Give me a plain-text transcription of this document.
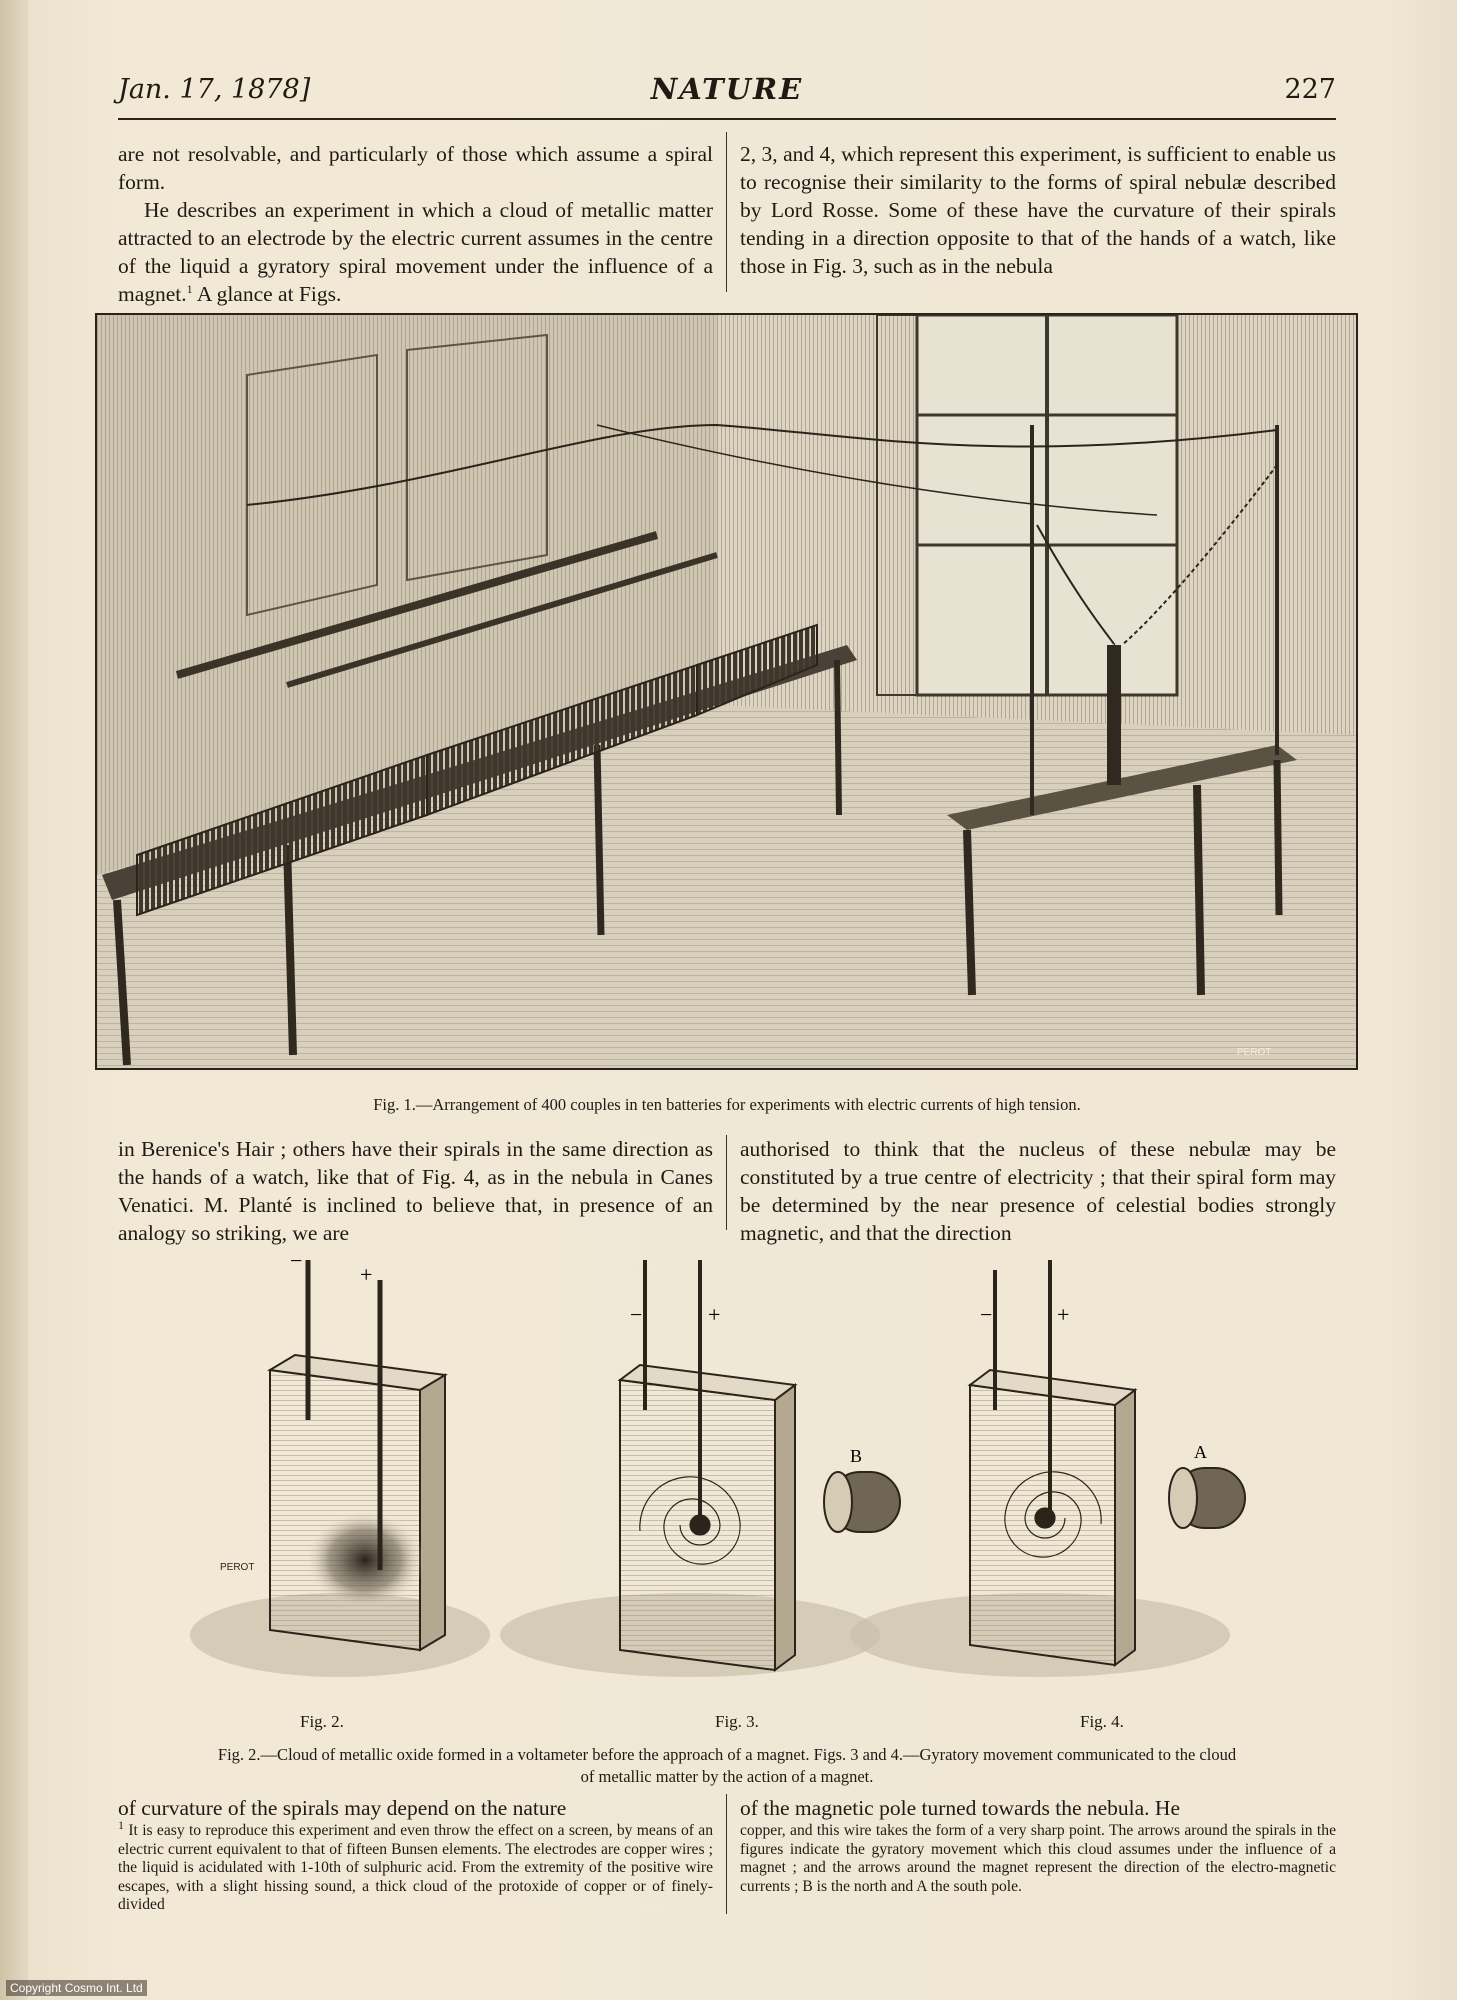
Jan. 17, 1878]	NATURE	227

are not resolvable, and particularly of those which assume a spiral form.

He describes an experiment in which a cloud of metallic matter attracted to an electrode by the electric current assumes in the centre of the liquid a gyratory spiral movement under the influence of a magnet.$^1$ A glance at Figs.

2, 3, and 4, which represent this experiment, is sufficient to enable us to recognise their similarity to the forms of spiral nebulæ described by Lord Rosse. Some of these have the curvature of their spirals tending in a direction opposite to that of the hands of a watch, like those in Fig. 3, such as in the nebula

PEROT
Fig. 1.—Arrangement of 400 couples in ten batteries for experiments with electric currents of high tension.

in Berenice's Hair ; others have their spirals in the same direction as the hands of a watch, like that of Fig. 4, as in the nebula in Canes Venatici. M. Planté is inclined to believe that, in presence of an analogy so striking, we are

authorised to think that the nucleus of these nebulæ may be constituted by a true centre of electricity ; that their spiral form may be determined by the near presence of celestial bodies strongly magnetic, and that the direction

−
+
PEROT
−	+
B
−	+
A
Fig. 2.	Fig. 3.	Fig. 4.
Fig. 2.—Cloud of metallic oxide formed in a voltameter before the approach of a magnet. Figs. 3 and 4.—Gyratory movement communicated to the cloud
of metallic matter by the action of a magnet.

of curvature of the spirals may depend on the nature

$^1$ It is easy to reproduce this experiment and even throw the effect on a screen, by means of an electric current equivalent to that of fifteen Bunsen elements. The electrodes are copper wires ; the liquid is acidulated with 1-10th of sulphuric acid. From the extremity of the positive wire escapes, with a slight hissing sound, a thick cloud of the protoxide of copper or of finely-divided

of the magnetic pole turned towards the nebula. He

copper, and this wire takes the form of a very sharp point. The arrows around the spirals in the figures indicate the gyratory movement which this cloud assumes under the influence of a magnet ; and the arrows around the magnet represent the direction of the electro-magnetic currents ; B is the north and A the south pole.

Copyright Cosmo Int. Ltd
